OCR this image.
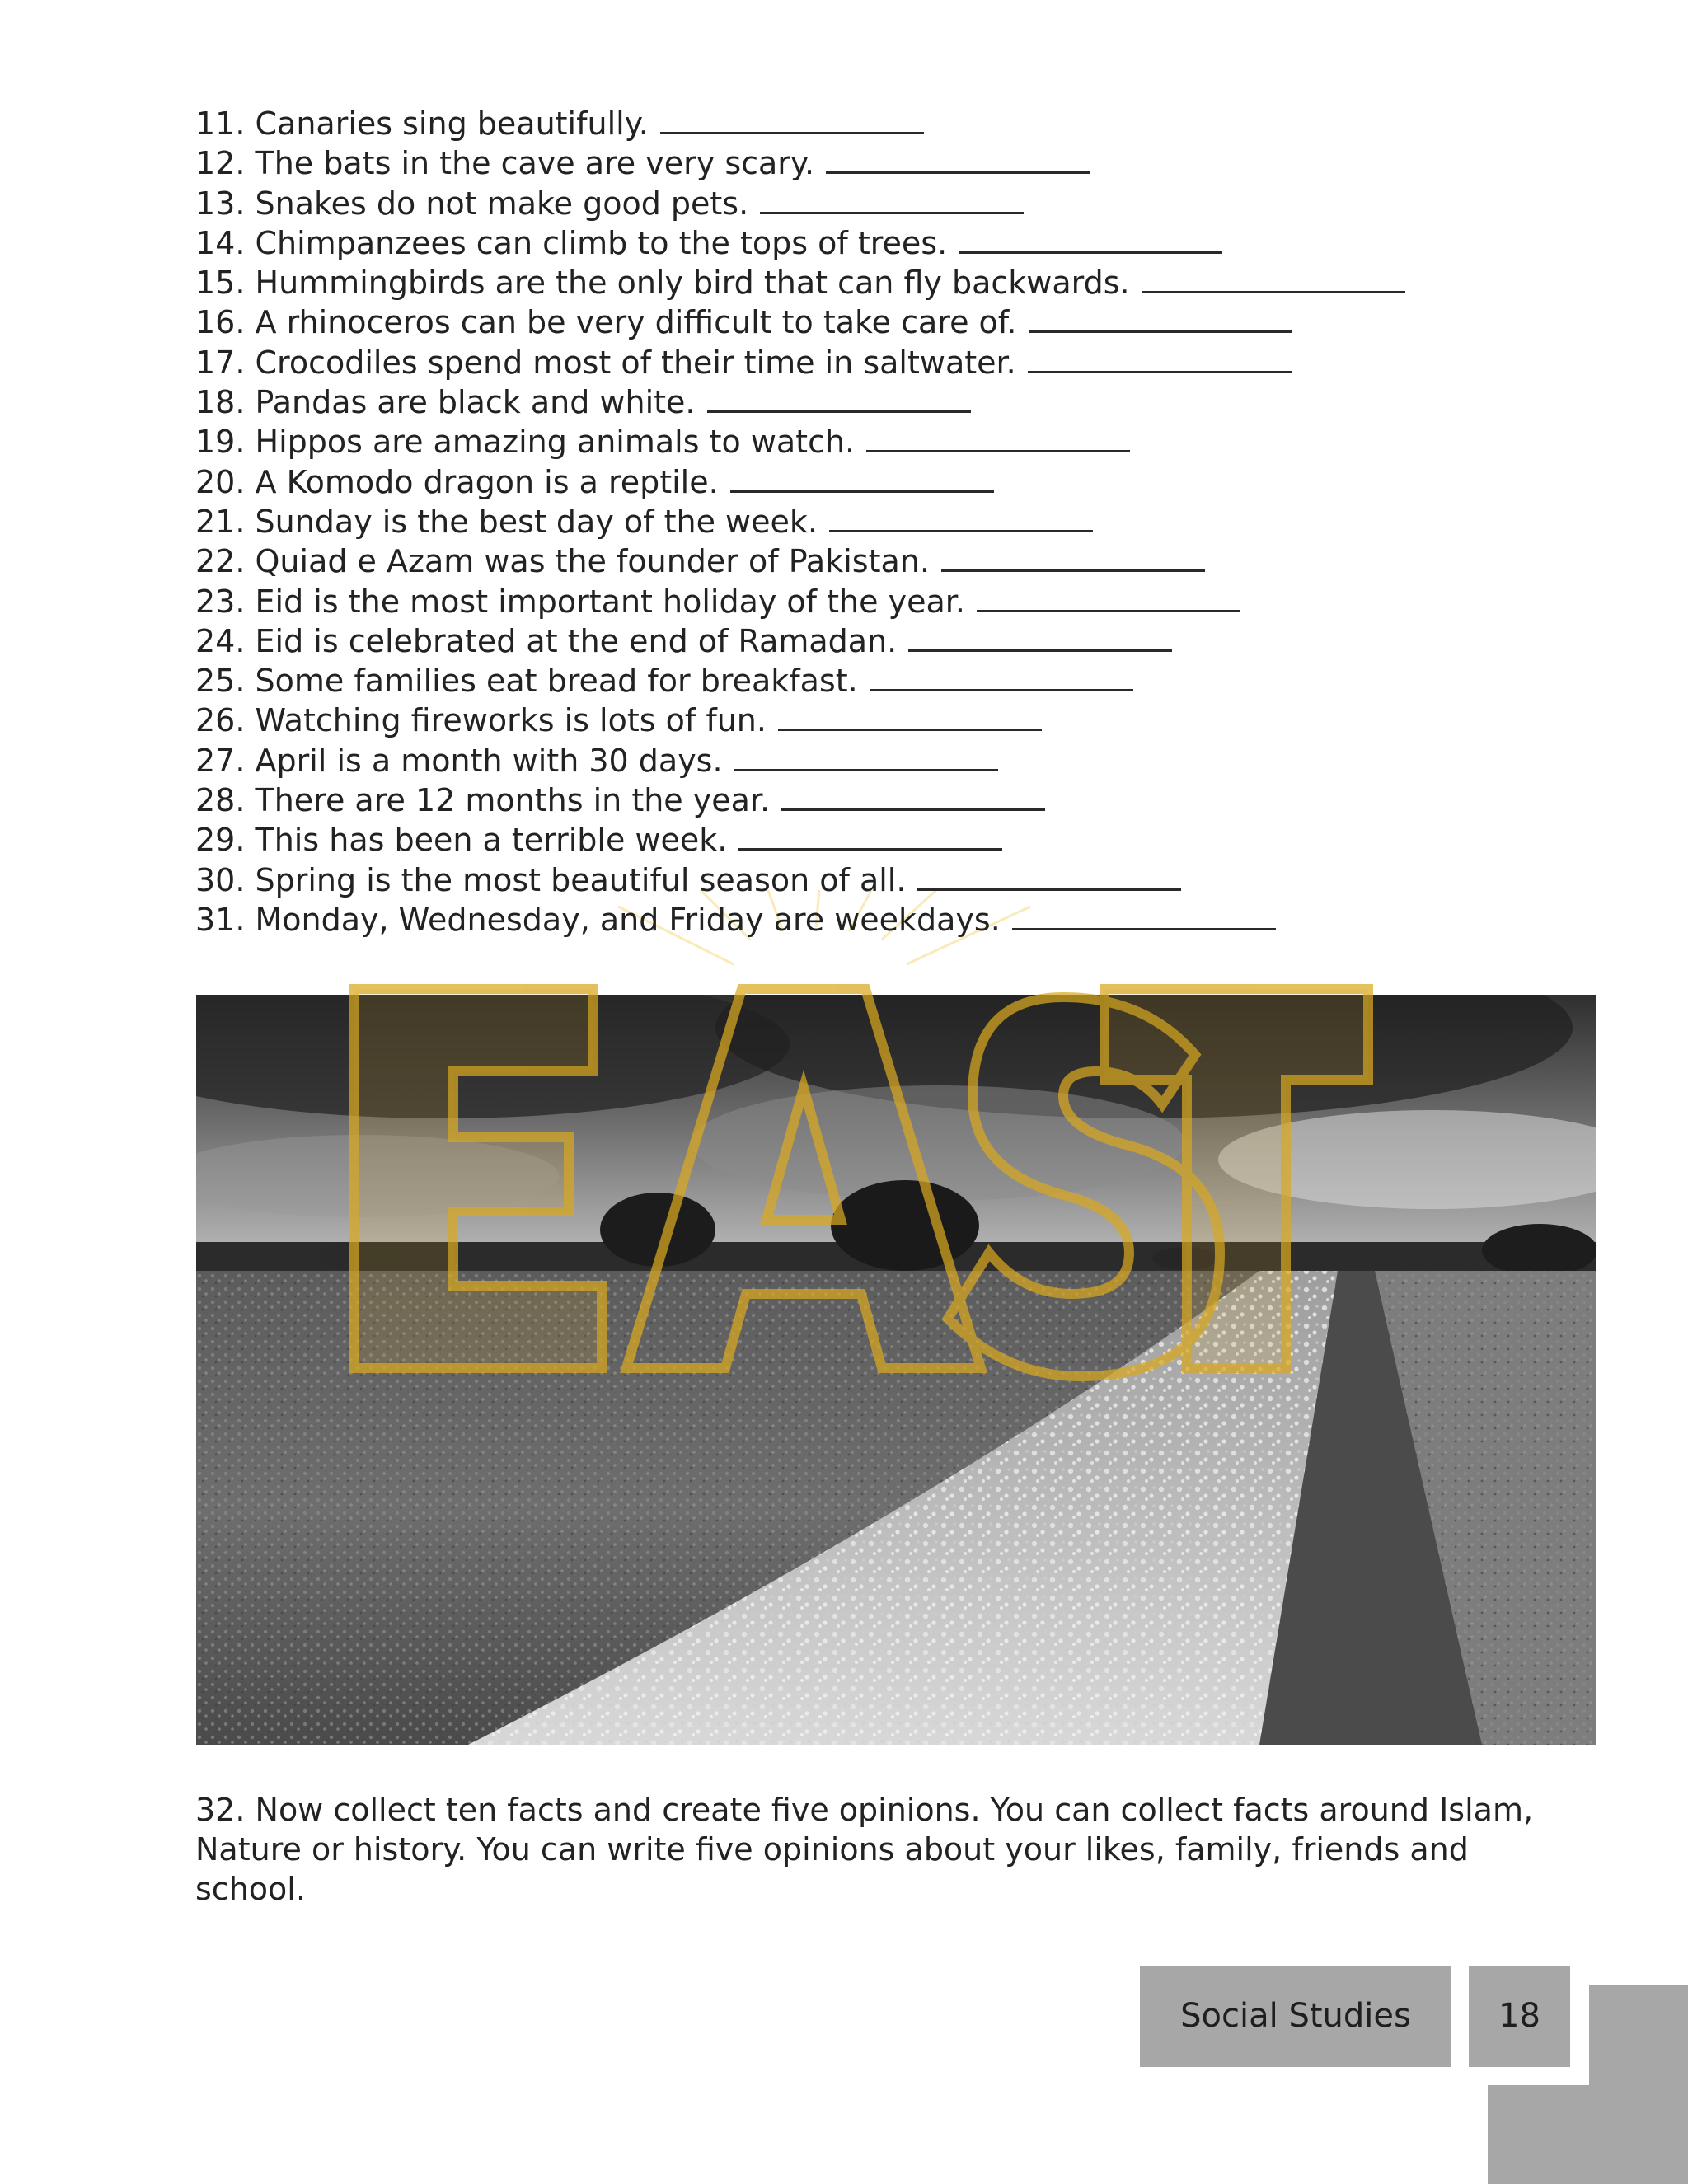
11. Canaries sing beautifully.
12. The bats in the cave are very scary.
13. Snakes do not make good pets.
14. Chimpanzees can climb to the tops of trees.
15. Hummingbirds are the only bird that can fly backwards.
16. A rhinoceros can be very difficult to take care of.
17. Crocodiles spend most of their time in saltwater.
18. Pandas are black and white.
19. Hippos are amazing animals to watch.
20. A Komodo dragon is a reptile.
21. Sunday is the best day of the week.
22. Quiad e Azam was the founder of Pakistan.
23. Eid is the most important holiday of the year.
24. Eid is celebrated at the end of Ramadan.
25. Some families eat bread for breakfast.
26. Watching fireworks is lots of fun.
27. April is a month with 30 days.
28. There are 12 months in the year.
29. This has been a terrible week.
30. Spring is the most beautiful season of all.
31. Monday, Wednesday, and Friday are weekdays.

32. Now collect ten facts and create five opinions. You can collect facts around Islam, Nature or history. You can write five opinions about your likes, family, friends and school.

Social Studies	18
